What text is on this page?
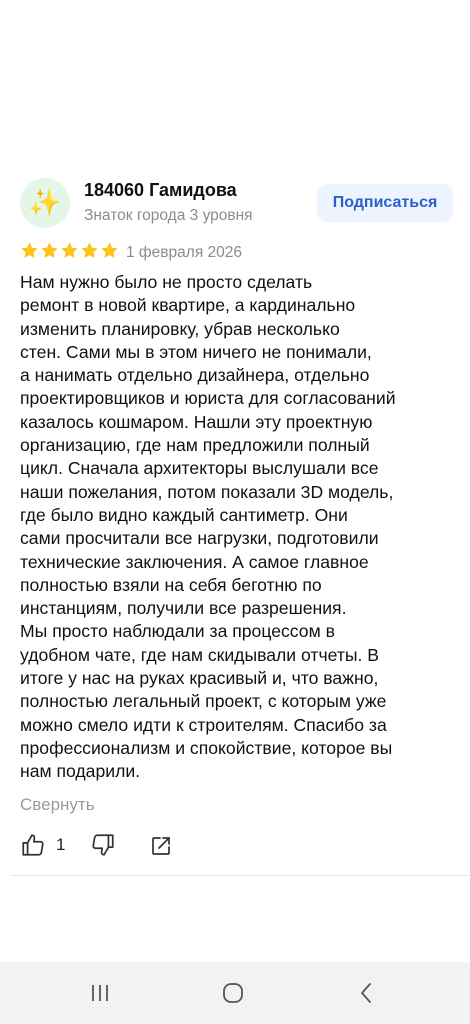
✨ 184060 Гамидова
Знаток города 3 уровня
Подписаться
1 февраля 2026
Нам нужно было не просто сделать
ремонт в новой квартире, а кардинально
изменить планировку, убрав несколько
стен. Сами мы в этом ничего не понимали,
а нанимать отдельно дизайнера, отдельно
проектировщиков и юриста для согласований
казалось кошмаром. Нашли эту проектную
организацию, где нам предложили полный
цикл. Сначала архитекторы выслушали все
наши пожелания, потом показали 3D модель,
где было видно каждый сантиметр. Они
сами просчитали все нагрузки, подготовили
технические заключения. А самое главное
полностью взяли на себя беготню по
инстанциям, получили все разрешения.
Мы просто наблюдали за процессом в
удобном чате, где нам скидывали отчеты. В
итоге у нас на руках красивый и, что важно,
полностью легальный проект, с которым уже
можно смело идти к строителям. Спасибо за
профессионализм и спокойствие, которое вы
нам подарили.
Свернуть
1
